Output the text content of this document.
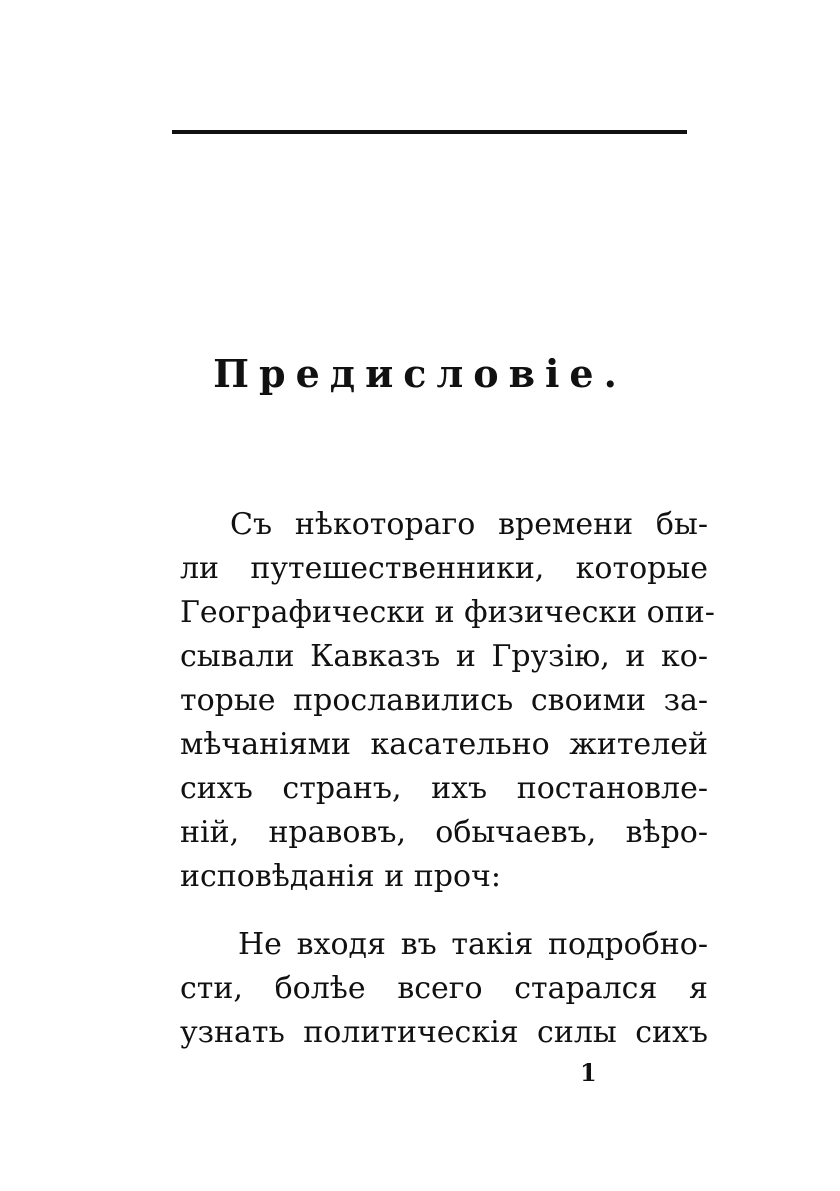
Предисловіе.
Съ нѣкотораго времени бы-
ли путешественники, которые
Географически и физически опи-
сывали Кавказъ и Грузію, и ко-
торые прославились своими за-
мѣчаніями касательно жителей
сихъ странъ, ихъ постановле-
ній, нравовъ, обычаевъ, вѣро-
исповѣданія и проч:
Не входя въ такія подробно-
сти, болѣе всего старался я
узнать политическія силы сихъ
1
